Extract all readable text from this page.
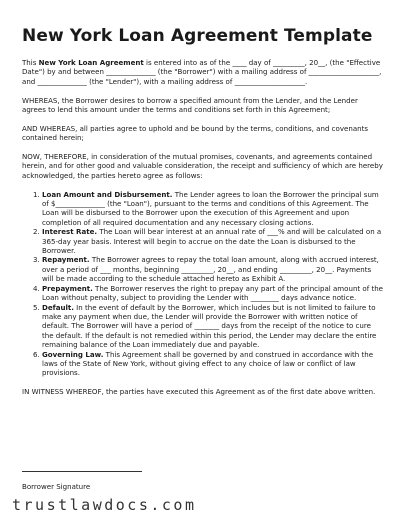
New York Loan Agreement Template

This New York Loan Agreement is entered into as of the ____ day of _________, 20__, (the "Effective Date") by and between ______________ (the "Borrower") with a mailing address of ____________________, and ______________ (the "Lender"), with a mailing address of ____________________.

WHEREAS, the Borrower desires to borrow a specified amount from the Lender, and the Lender agrees to lend this amount under the terms and conditions set forth in this Agreement;

AND WHEREAS, all parties agree to uphold and be bound by the terms, conditions, and covenants contained herein;

NOW, THEREFORE, in consideration of the mutual promises, covenants, and agreements contained herein, and for other good and valuable consideration, the receipt and sufficiency of which are hereby acknowledged, the parties hereto agree as follows:

1. Loan Amount and Disbursement. The Lender agrees to loan the Borrower the principal sum of $______________ (the "Loan"), pursuant to the terms and conditions of this Agreement. The Loan will be disbursed to the Borrower upon the execution of this Agreement and upon completion of all required documentation and any necessary closing actions.
2. Interest Rate. The Loan will bear interest at an annual rate of ___% and will be calculated on a 365-day year basis. Interest will begin to accrue on the date the Loan is disbursed to the Borrower.
3. Repayment. The Borrower agrees to repay the total loan amount, along with accrued interest, over a period of ___ months, beginning _________, 20__, and ending _________, 20__. Payments will be made according to the schedule attached hereto as Exhibit A.
4. Prepayment. The Borrower reserves the right to prepay any part of the principal amount of the Loan without penalty, subject to providing the Lender with ________ days advance notice.
5. Default. In the event of default by the Borrower, which includes but is not limited to failure to make any payment when due, the Lender will provide the Borrower with written notice of default. The Borrower will have a period of _______ days from the receipt of the notice to cure the default. If the default is not remedied within this period, the Lender may declare the entire remaining balance of the Loan immediately due and payable.
6. Governing Law. This Agreement shall be governed by and construed in accordance with the laws of the State of New York, without giving effect to any choice of law or conflict of law provisions.

IN WITNESS WHEREOF, the parties have executed this Agreement as of the first date above written.

Borrower Signature
trustlawdocs.com
